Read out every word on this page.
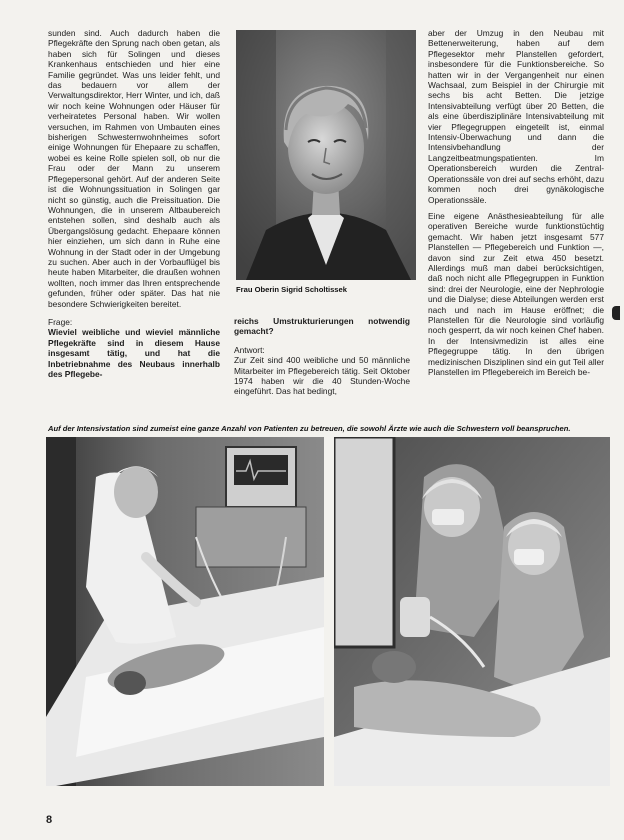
sunden sind. Auch dadurch haben die Pflegekräfte den Sprung nach oben getan, als haben sich für Solingen und dieses Krankenhaus entschieden und hier eine Familie gegründet. Was uns leider fehlt, und das bedauern vor allem der Verwaltungsdirektor, Herr Winter, und ich, daß wir noch keine Wohnungen oder Häuser für verheiratetes Personal haben. Wir wollen versuchen, im Rahmen von Umbauten eines bisherigen Schwesternwohnheimes sofort einige Wohnungen für Ehepaare zu schaffen, wobei es keine Rolle spielen soll, ob nur die Frau oder der Mann zu unserem Pflegepersonal gehört. Auf der anderen Seite ist die Wohnungssituation in Solingen gar nicht so günstig, auch die Preissituation. Die Wohnungen, die in unserem Altbaubereich entstehen sollen, sind deshalb auch als Übergangslösung gedacht. Ehepaare können hier einziehen, um sich dann in Ruhe eine Wohnung in der Stadt oder in der Umgebung zu suchen. Aber auch in der Vorbauflügel bis heute haben Mitarbeiter, die draußen wohnen wollten, noch immer das Ihren entsprechende gefunden, früher oder später. Das hat nie besondere Schwierigkeiten bereitet.

Frage:

Wieviel weibliche und wieviel männliche Pflegekräfte sind in diesem Hause insgesamt tätig, und hat die Inbetriebnahme des Neubaus innerhalb des Pflegebe-

Frau Oberin Sigrid Scholtissek

reichs Umstrukturierungen notwendig gemacht?

Antwort:

Zur Zeit sind 400 weibliche und 50 männliche Mitarbeiter im Pflegebereich tätig. Seit Oktober 1974 haben wir die 40 Stunden-Woche eingeführt. Das hat bedingt,

aber der Umzug in den Neubau mit Bettenerweiterung, haben auf dem Pflegesektor mehr Planstellen gefordert, insbesondere für die Funktionsbereiche. So hatten wir in der Vergangenheit nur einen Wachsaal, zum Beispiel in der Chirurgie mit sechs bis acht Betten. Die jetzige Intensivabteilung verfügt über 20 Betten, die als eine überdisziplinäre Intensivabteilung mit vier Pflegegruppen eingeteilt ist, einmal Intensiv-Überwachung und dann die Intensivbehandlung der Langzeitbeatmungspatienten. Im Operationsbereich wurden die Zentral-Operationssäle von drei auf sechs erhöht, dazu kommen noch drei gynäkologische Operationssäle.

Eine eigene Anästhesieabteilung für alle operativen Bereiche wurde funktionstüchtig gemacht. Wir haben jetzt insgesamt 577 Planstellen — Pflegebereich und Funktion —, davon sind zur Zeit etwa 450 besetzt. Allerdings muß man dabei berücksichtigen, daß noch nicht alle Pflegegruppen in Funktion sind: drei der Neurologie, eine der Nephrologie und die Dialyse; diese Abteilungen werden erst nach und nach im Hause eröffnet; die Planstellen für die Neurologie sind vorläufig noch gesperrt, da wir noch keinen Chef haben. In der Intensivmedizin ist alles eine Pflegegruppe tätig. In den übrigen medizinischen Disziplinen sind ein gut Teil aller Planstellen im Pflegebereich im Bereich be-

Auf der Intensivstation sind zumeist eine ganze Anzahl von Patienten zu betreuen, die sowohl Ärzte wie auch die Schwestern voll beanspruchen.
8
